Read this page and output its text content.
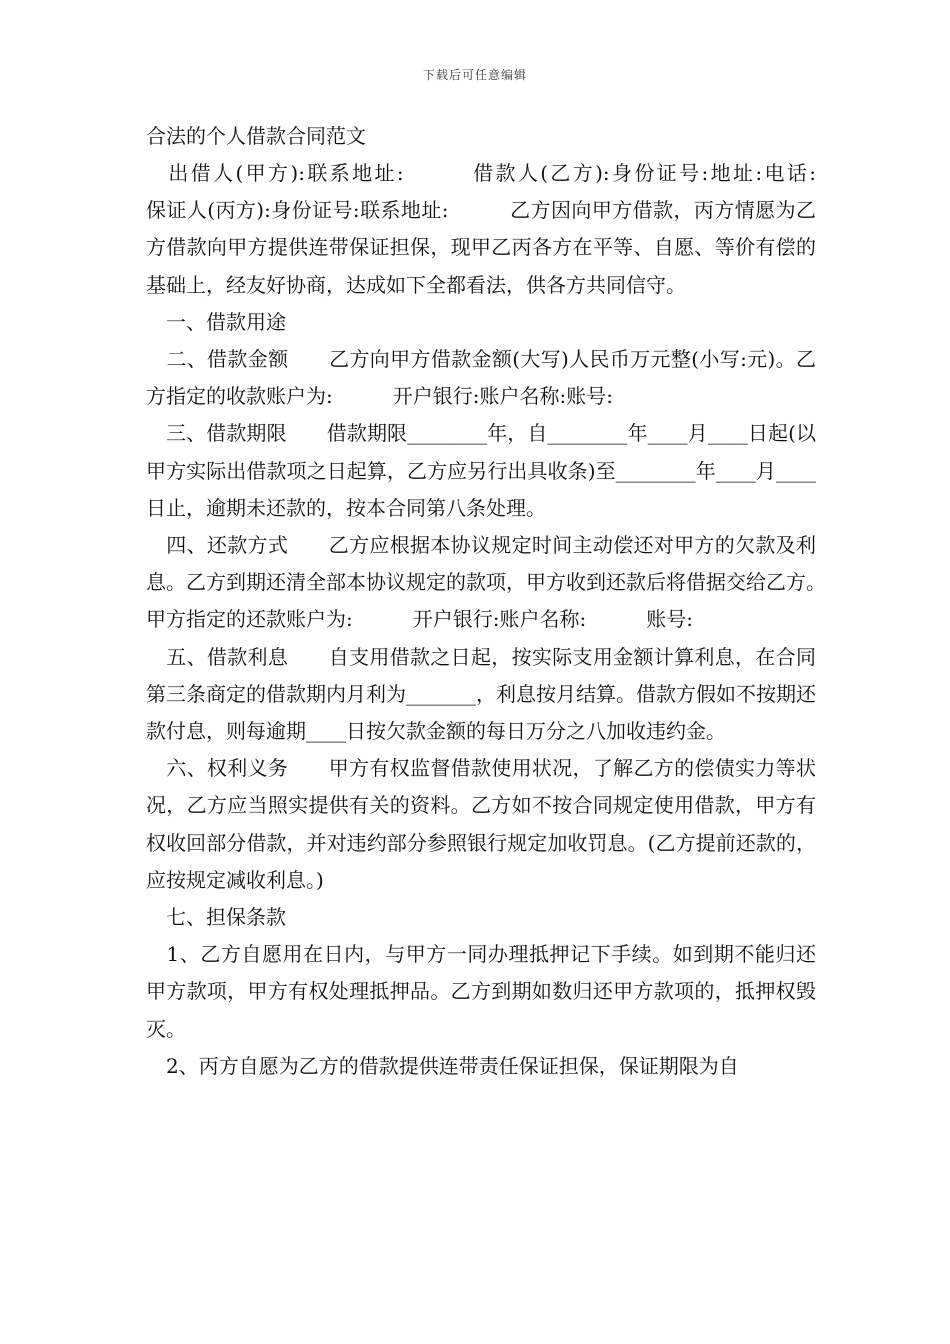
下载后可任意编辑
合法的个人借款合同范文

　出借人(甲方):联系地址:　　　借款人(乙方):身份证号:地址:电话:　　　保证人(丙方):身份证号:联系地址:　　　乙方因向甲方借款，丙方情愿为乙方借款向甲方提供连带保证担保，现甲乙丙各方在平等、自愿、等价有偿的基础上，经友好协商，达成如下全都看法，供各方共同信守。

　一、借款用途

　二、借款金额　　乙方向甲方借款金额(大写)人民币万元整(小写:元)。乙方指定的收款账户为:　　　开户银行:账户名称:账号:

　三、借款期限　　借款期限________年，自________年____月____日起(以甲方实际出借款项之日起算，乙方应另行出具收条)至________年____月____日止，逾期未还款的，按本合同第八条处理。

　四、还款方式　　乙方应根据本协议规定时间主动偿还对甲方的欠款及利息。乙方到期还清全部本协议规定的款项，甲方收到还款后将借据交给乙方。　　　甲方指定的还款账户为:　　　开户银行:账户名称:　　　账号:

　五、借款利息　　自支用借款之日起，按实际支用金额计算利息，在合同第三条商定的借款期内月利为_______，利息按月结算。借款方假如不按期还款付息，则每逾期____日按欠款金额的每日万分之八加收违约金。

　六、权利义务　　甲方有权监督借款使用状况，了解乙方的偿债实力等状况，乙方应当照实提供有关的资料。乙方如不按合同规定使用借款，甲方有权收回部分借款，并对违约部分参照银行规定加收罚息。(乙方提前还款的，应按规定减收利息。)

　七、担保条款

　1、乙方自愿用在日内，与甲方一同办理抵押记下手续。如到期不能归还甲方款项，甲方有权处理抵押品。乙方到期如数归还甲方款项的，抵押权毁灭。

　2、丙方自愿为乙方的借款提供连带责任保证担保，保证期限为自
